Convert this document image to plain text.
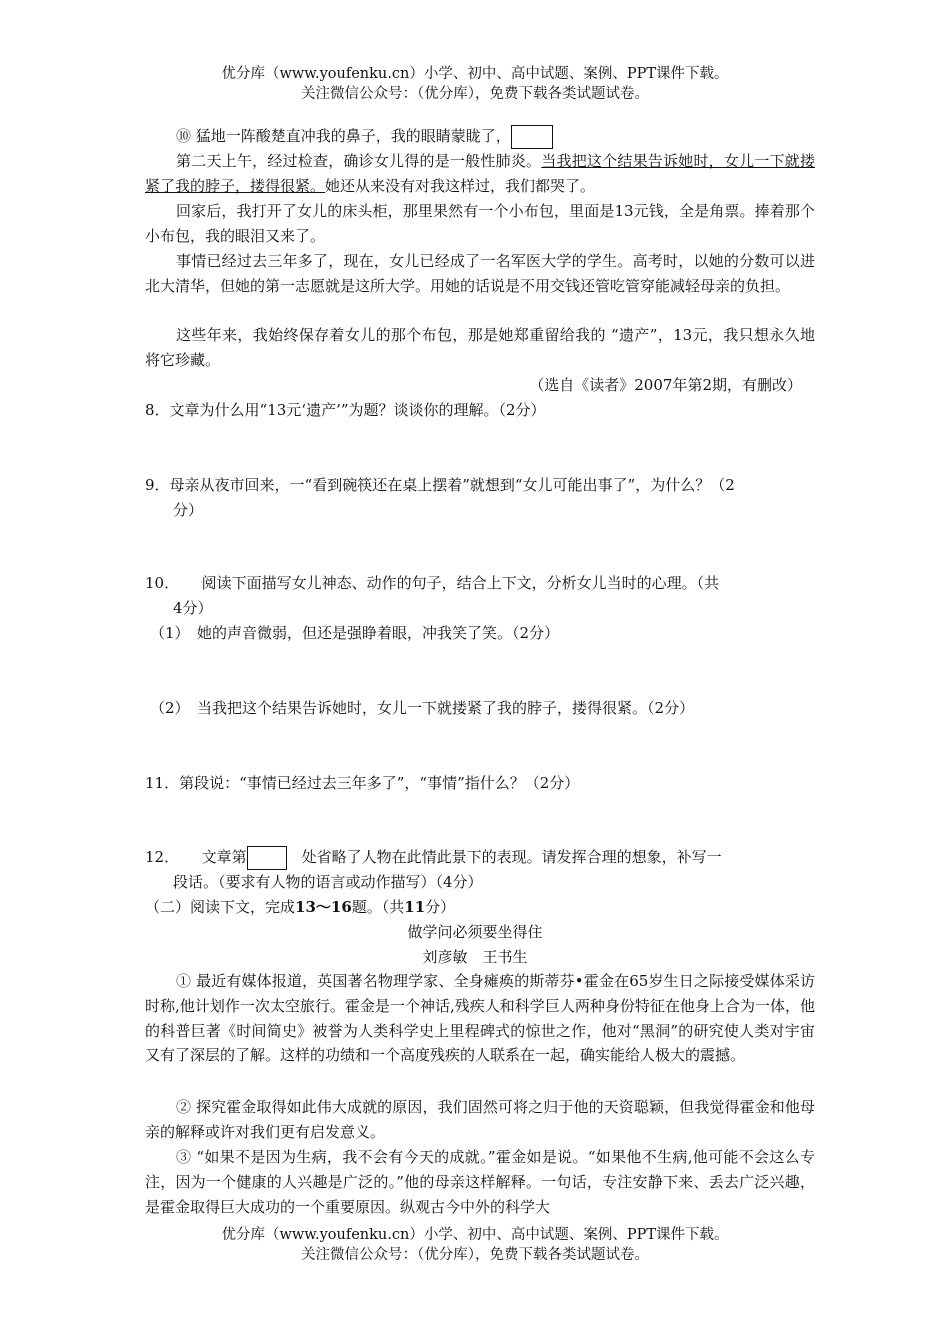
优分库（www.youfenku.cn）小学、初中、高中试题、案例、PPT课件下载。
关注微信公众号：（优分库），免费下载各类试题试卷。
⑩ 猛地一阵酸楚直冲我的鼻子，我的眼睛蒙眬了，
第二天上午，经过检查，确诊女儿得的是一般性肺炎。当我把这个结果告诉她时，女儿一下就搂紧了我的脖子，搂得很紧。她还从来没有对我这样过，我们都哭了。
回家后，我打开了女儿的床头柜，那里果然有一个小布包，里面是13元钱，全是角票。捧着那个小布包，我的眼泪又来了。
事情已经过去三年多了，现在，女儿已经成了一名军医大学的学生。高考时，以她的分数可以进北大清华，但她的第一志愿就是这所大学。用她的话说是不用交钱还管吃管穿能减轻母亲的负担。
这些年来，我始终保存着女儿的那个布包，那是她郑重留给我的 “遗产”，13元，我只想永久地将它珍藏。
（选自《读者》2007年第2期，有删改）
8．文章为什么用“13元‘遗产’”为题？谈谈你的理解。（2分）
9．母亲从夜市回来，一“看到碗筷还在桌上摆着”就想到“女儿可能出事了”，为什么？（2
分）
10．　　阅读下面描写女儿神态、动作的句子，结合上下文，分析女儿当时的心理。（共
4分）
（1）　她的声音微弱，但还是强睁着眼，冲我笑了笑。（2分）
（2）　当我把这个结果告诉她时，女儿一下就搂紧了我的脖子，搂得很紧。（2分）
11．第段说：“事情已经过去三年多了”，“事情”指什么？（2分）
12．　　文章第	　处省略了人物在此情此景下的表现。请发挥合理的想象，补写一
段话。（要求有人物的语言或动作描写）（4分）
（二）阅读下文，完成13～16题。（共11分）
做学问必须要坐得住
刘彦敏　王书生
① 最近有媒体报道，英国著名物理学家、全身瘫痪的斯蒂芬•霍金在65岁生日之际接受媒体采访时称,他计划作一次太空旅行。霍金是一个神话,残疾人和科学巨人两种身份特征在他身上合为一体，他的科普巨著《时间简史》被誉为人类科学史上里程碑式的惊世之作，他对“黑洞”的研究使人类对宇宙又有了深层的了解。这样的功绩和一个高度残疾的人联系在一起，确实能给人极大的震撼。
② 探究霍金取得如此伟大成就的原因，我们固然可将之归于他的天资聪颖，但我觉得霍金和他母亲的解释或许对我们更有启发意义。
③ “如果不是因为生病，我不会有今天的成就。”霍金如是说。“如果他不生病,他可能不会这么专注，因为一个健康的人兴趣是广泛的。”他的母亲这样解释。一句话，专注安静下来、丢去广泛兴趣，是霍金取得巨大成功的一个重要原因。纵观古今中外的科学大
优分库（www.youfenku.cn）小学、初中、高中试题、案例、PPT课件下载。
关注微信公众号：（优分库），免费下载各类试题试卷。
